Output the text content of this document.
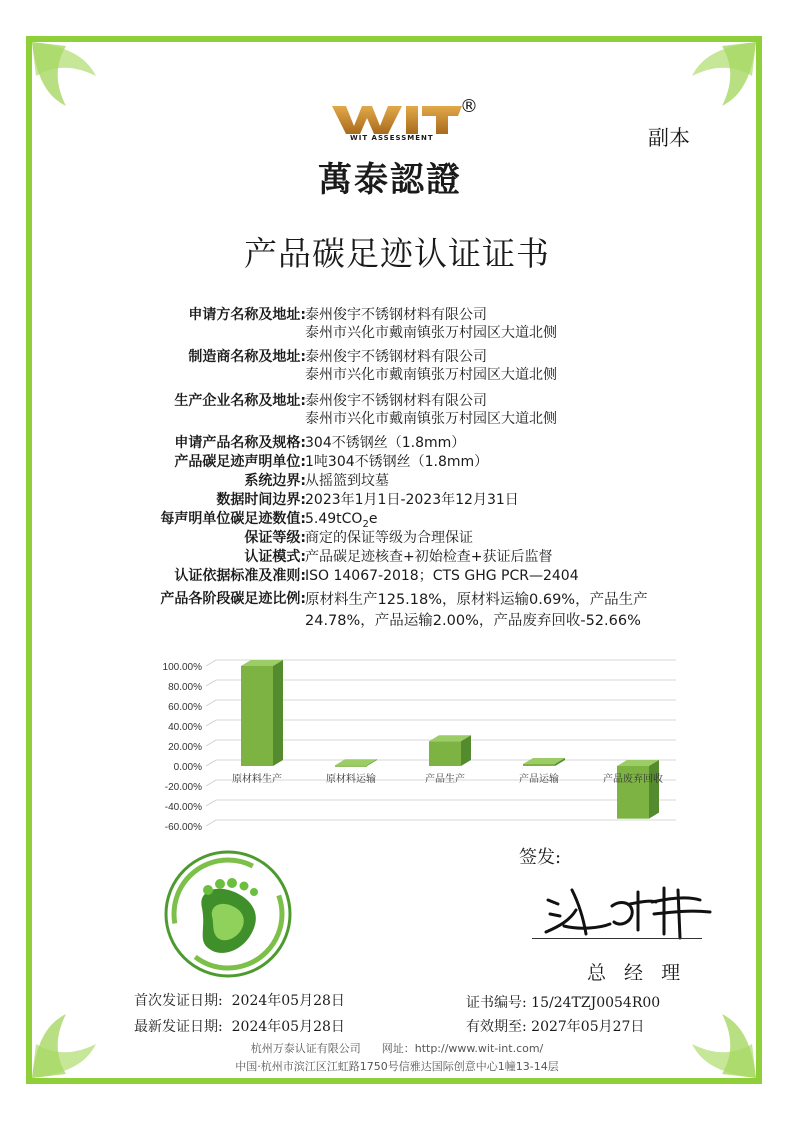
®
WIT ASSESSMENT
萬泰認證
副本
产品碳足迹认证证书
申请方名称及地址: 泰州俊宇不锈钢材料有限公司
泰州市兴化市戴南镇张万村园区大道北侧
制造商名称及地址: 泰州俊宇不锈钢材料有限公司
泰州市兴化市戴南镇张万村园区大道北侧
生产企业名称及地址: 泰州俊宇不锈钢材料有限公司
泰州市兴化市戴南镇张万村园区大道北侧
申请产品名称及规格: 304不锈钢丝（1.8mm）
产品碳足迹声明单位: 1吨304不锈钢丝（1.8mm）
系统边界: 从摇篮到坟墓
数据时间边界: 2023年1月1日-2023年12月31日
每声明单位碳足迹数值: 5.49tCO$_2$e
保证等级: 商定的保证等级为合理保证
认证模式: 产品碳足迹核查+初始检查+获证后监督
认证依据标准及准则: ISO 14067-2018；CTS GHG PCR—2404
产品各阶段碳足迹比例: 原材料生产125.18%，原材料运输0.69%，产品生产
24.78%，产品运输2.00%，产品废弃回收-52.66%
100.00%
80.00%
60.00%
40.00%
20.00%
0.00%
-20.00%
-40.00%
-60.00%
原材料生产	原材料运输	产品生产	产品运输	产品废弃回收
签发:
总 经 理
首次发证日期: 2024年05月28日
最新发证日期: 2024年05月28日
证书编号: 15/24TZJ0054R00
有效期至: 2027年05月27日
杭州万泰认证有限公司 网址：http://www.wit-int.com/
中国·杭州市滨江区江虹路1750号信雅达国际创意中心1幢13-14层
